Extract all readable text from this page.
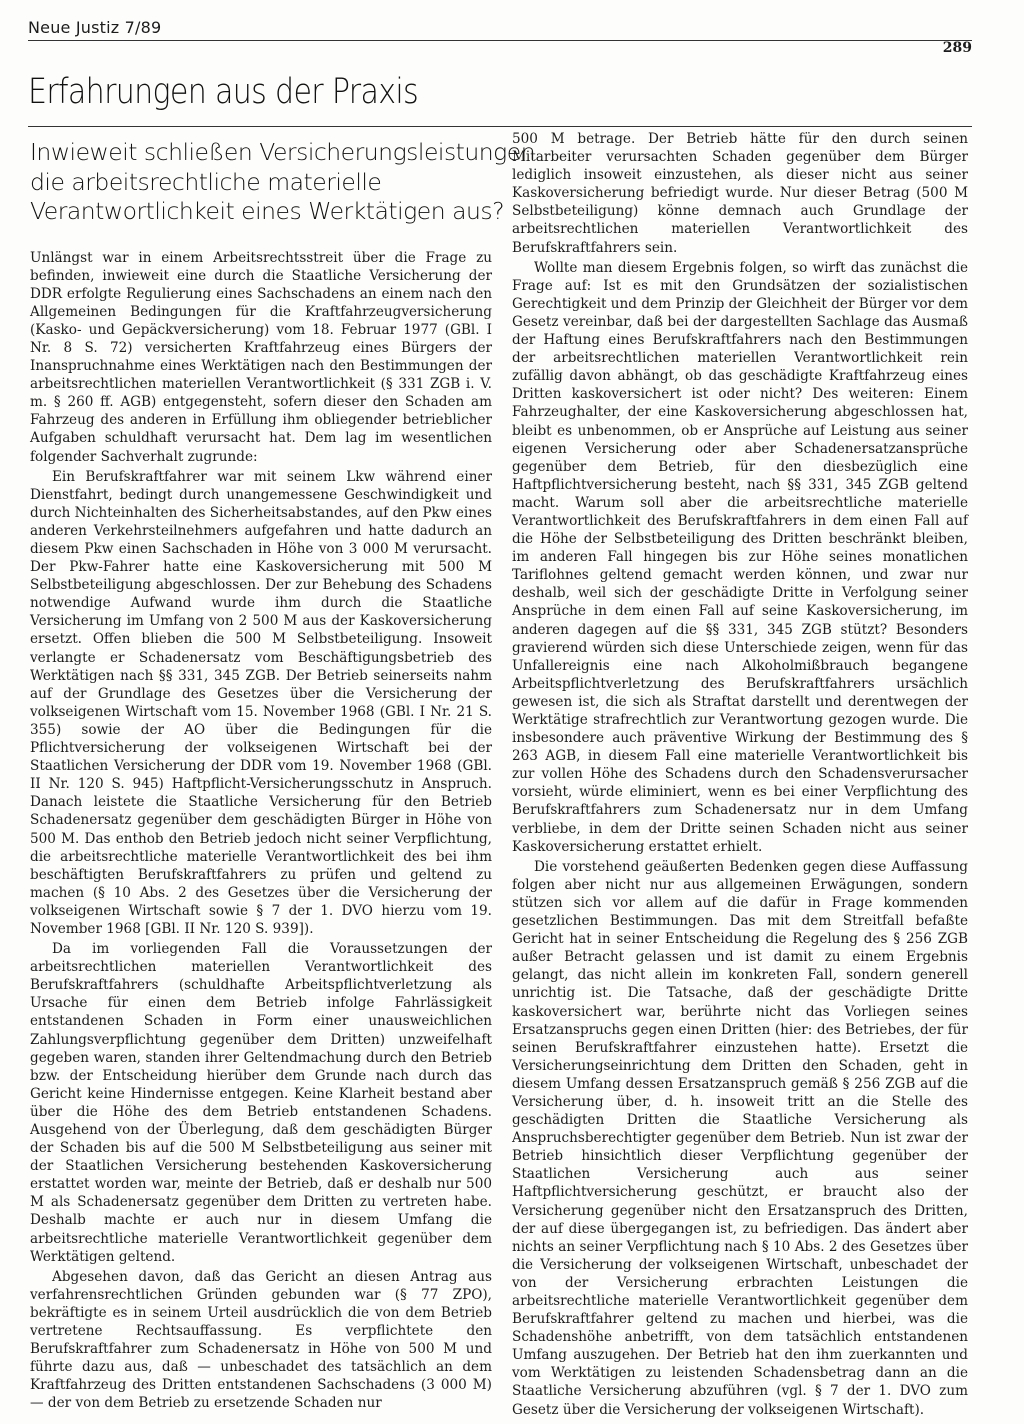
Neue Justiz 7/89
289
Erfahrungen aus der Praxis
Inwieweit schließen Versicherungsleistungen
die arbeitsrechtliche materielle
Verantwortlichkeit eines Werktätigen aus?

Unlängst war in einem Arbeitsrechtsstreit über die Frage zu befinden, inwieweit eine durch die Staatliche Versicherung der DDR erfolgte Regulierung eines Sachschadens an einem nach den Allgemeinen Bedingungen für die Kraftfahrzeugversicherung (Kasko- und Gepäckversicherung) vom 18. Februar 1977 (GBl. I Nr. 8 S. 72) versicherten Kraftfahrzeug eines Bürgers der Inanspruchnahme eines Werktätigen nach den Bestimmungen der arbeitsrechtlichen materiellen Verantwortlichkeit (§ 331 ZGB i. V. m. § 260 ff. AGB) entgegensteht, sofern dieser den Schaden am Fahrzeug des anderen in Erfüllung ihm obliegender betrieblicher Aufgaben schuldhaft verursacht hat. Dem lag im wesentlichen folgender Sachverhalt zugrunde:

Ein Berufskraftfahrer war mit seinem Lkw während einer Dienstfahrt, bedingt durch unangemessene Geschwindigkeit und durch Nichteinhalten des Sicherheitsabstandes, auf den Pkw eines anderen Verkehrsteilnehmers aufgefahren und hatte dadurch an diesem Pkw einen Sachschaden in Höhe von 3 000 M verursacht. Der Pkw-Fahrer hatte eine Kaskoversicherung mit 500 M Selbstbeteiligung abgeschlossen. Der zur Behebung des Schadens notwendige Aufwand wurde ihm durch die Staatliche Versicherung im Umfang von 2 500 M aus der Kaskoversicherung ersetzt. Offen blieben die 500 M Selbstbeteiligung. Insoweit verlangte er Schadenersatz vom Beschäftigungsbetrieb des Werktätigen nach §§ 331, 345 ZGB. Der Betrieb seinerseits nahm auf der Grundlage des Gesetzes über die Versicherung der volkseigenen Wirtschaft vom 15. November 1968 (GBl. I Nr. 21 S. 355) sowie der AO über die Bedingungen für die Pflichtversicherung der volkseigenen Wirtschaft bei der Staatlichen Versicherung der DDR vom 19. November 1968 (GBl. II Nr. 120 S. 945) Haftpflicht-Versicherungsschutz in Anspruch. Danach leistete die Staatliche Versicherung für den Betrieb Schadenersatz gegenüber dem geschädigten Bürger in Höhe von 500 M. Das enthob den Betrieb jedoch nicht seiner Verpflichtung, die arbeitsrechtliche materielle Verantwortlichkeit des bei ihm beschäftigten Berufskraftfahrers zu prüfen und geltend zu machen (§ 10 Abs. 2 des Gesetzes über die Versicherung der volkseigenen Wirtschaft sowie § 7 der 1. DVO hierzu vom 19. November 1968 [GBl. II Nr. 120 S. 939]).

Da im vorliegenden Fall die Voraussetzungen der arbeitsrechtlichen materiellen Verantwortlichkeit des Berufskraftfahrers (schuldhafte Arbeitspflichtverletzung als Ursache für einen dem Betrieb infolge Fahrlässigkeit entstandenen Schaden in Form einer unausweichlichen Zahlungsverpflichtung gegenüber dem Dritten) unzweifelhaft gegeben waren, standen ihrer Geltendmachung durch den Betrieb bzw. der Entscheidung hierüber dem Grunde nach durch das Gericht keine Hindernisse entgegen. Keine Klarheit bestand aber über die Höhe des dem Betrieb entstandenen Schadens. Ausgehend von der Überlegung, daß dem geschädigten Bürger der Schaden bis auf die 500 M Selbstbeteiligung aus seiner mit der Staatlichen Versicherung bestehenden Kaskoversicherung erstattet worden war, meinte der Betrieb, daß er deshalb nur 500 M als Schadenersatz gegenüber dem Dritten zu vertreten habe. Deshalb machte er auch nur in diesem Umfang die arbeitsrechtliche materielle Verantwortlichkeit gegenüber dem Werktätigen geltend.

Abgesehen davon, daß das Gericht an diesen Antrag aus verfahrensrechtlichen Gründen gebunden war (§ 77 ZPO), bekräftigte es in seinem Urteil ausdrücklich die von dem Betrieb vertretene Rechtsauffassung. Es verpflichtete den Berufskraftfahrer zum Schadenersatz in Höhe von 500 M und führte dazu aus, daß — unbeschadet des tatsächlich an dem Kraftfahrzeug des Dritten entstandenen Sachschadens (3 000 M) — der von dem Betrieb zu ersetzende Schaden nur

500 M betrage. Der Betrieb hätte für den durch seinen Mitarbeiter verursachten Schaden gegenüber dem Bürger lediglich insoweit einzustehen, als dieser nicht aus seiner Kaskoversicherung befriedigt wurde. Nur dieser Betrag (500 M Selbstbeteiligung) könne demnach auch Grundlage der arbeitsrechtlichen materiellen Verantwortlichkeit des Berufskraftfahrers sein.

Wollte man diesem Ergebnis folgen, so wirft das zunächst die Frage auf: Ist es mit den Grundsätzen der sozialistischen Gerechtigkeit und dem Prinzip der Gleichheit der Bürger vor dem Gesetz vereinbar, daß bei der dargestellten Sachlage das Ausmaß der Haftung eines Berufskraftfahrers nach den Bestimmungen der arbeitsrechtlichen materiellen Verantwortlichkeit rein zufällig davon abhängt, ob das geschädigte Kraftfahrzeug eines Dritten kaskoversichert ist oder nicht? Des weiteren: Einem Fahrzeughalter, der eine Kaskoversicherung abgeschlossen hat, bleibt es unbenommen, ob er Ansprüche auf Leistung aus seiner eigenen Versicherung oder aber Schadenersatzansprüche gegenüber dem Betrieb, für den diesbezüglich eine Haftpflichtversicherung besteht, nach §§ 331, 345 ZGB geltend macht. Warum soll aber die arbeitsrechtliche materielle Verantwortlichkeit des Berufskraftfahrers in dem einen Fall auf die Höhe der Selbstbeteiligung des Dritten beschränkt bleiben, im anderen Fall hingegen bis zur Höhe seines monatlichen Tariflohnes geltend gemacht werden können, und zwar nur deshalb, weil sich der geschädigte Dritte in Verfolgung seiner Ansprüche in dem einen Fall auf seine Kaskoversicherung, im anderen dagegen auf die §§ 331, 345 ZGB stützt? Besonders gravierend würden sich diese Unterschiede zeigen, wenn für das Unfallereignis eine nach Alkoholmißbrauch begangene Arbeitspflichtverletzung des Berufskraftfahrers ursächlich gewesen ist, die sich als Straftat darstellt und derentwegen der Werktätige strafrechtlich zur Verantwortung gezogen wurde. Die insbesondere auch präventive Wirkung der Bestimmung des § 263 AGB, in diesem Fall eine materielle Verantwortlichkeit bis zur vollen Höhe des Schadens durch den Schadensverursacher vorsieht, würde eliminiert, wenn es bei einer Verpflichtung des Berufskraftfahrers zum Schadenersatz nur in dem Umfang verbliebe, in dem der Dritte seinen Schaden nicht aus seiner Kaskoversicherung erstattet erhielt.

Die vorstehend geäußerten Bedenken gegen diese Auffassung folgen aber nicht nur aus allgemeinen Erwägungen, sondern stützen sich vor allem auf die dafür in Frage kommenden gesetzlichen Bestimmungen. Das mit dem Streitfall befaßte Gericht hat in seiner Entscheidung die Regelung des § 256 ZGB außer Betracht gelassen und ist damit zu einem Ergebnis gelangt, das nicht allein im konkreten Fall, sondern generell unrichtig ist. Die Tatsache, daß der geschädigte Dritte kaskoversichert war, berührte nicht das Vorliegen seines Ersatzanspruchs gegen einen Dritten (hier: des Betriebes, der für seinen Berufskraftfahrer einzustehen hatte). Ersetzt die Versicherungseinrichtung dem Dritten den Schaden, geht in diesem Umfang dessen Ersatzanspruch gemäß § 256 ZGB auf die Versicherung über, d. h. insoweit tritt an die Stelle des geschädigten Dritten die Staatliche Versicherung als Anspruchsberechtigter gegenüber dem Betrieb. Nun ist zwar der Betrieb hinsichtlich dieser Verpflichtung gegenüber der Staatlichen Versicherung auch aus seiner Haftpflichtversicherung geschützt, er braucht also der Versicherung gegenüber nicht den Ersatzanspruch des Dritten, der auf diese übergegangen ist, zu befriedigen. Das ändert aber nichts an seiner Verpflichtung nach § 10 Abs. 2 des Gesetzes über die Versicherung der volkseigenen Wirtschaft, unbeschadet der von der Versicherung erbrachten Leistungen die arbeitsrechtliche materielle Verantwortlichkeit gegenüber dem Berufskraftfahrer geltend zu machen und hierbei, was die Schadenshöhe anbetrifft, von dem tatsächlich entstandenen Umfang auszugehen. Der Betrieb hat den ihm zuerkannten und vom Werktätigen zu leistenden Schadensbetrag dann an die Staatliche Versicherung abzuführen (vgl. § 7 der 1. DVO zum Gesetz über die Versicherung der volkseigenen Wirtschaft).
